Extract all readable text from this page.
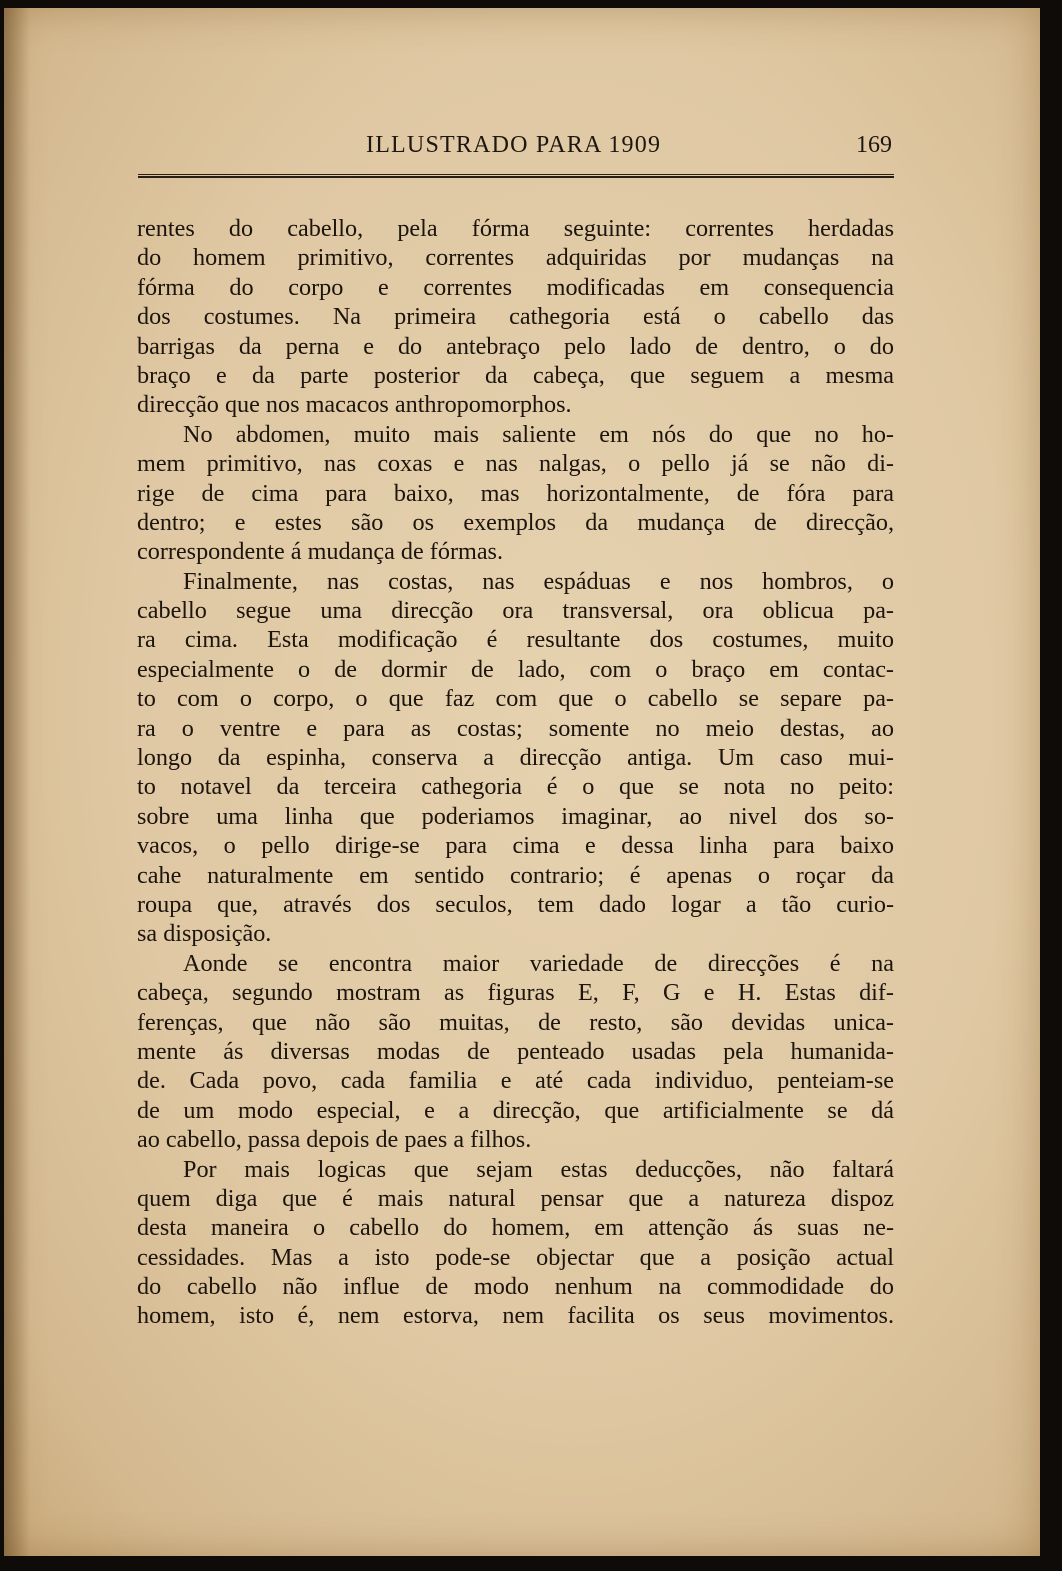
ILLUSTRADO PARA 1909	169
rentes do cabello, pela fórma seguinte: correntes herdadas
do homem primitivo, correntes adquiridas por mudanças na
fórma do corpo e correntes modificadas em consequencia
dos costumes. Na primeira cathegoria está o cabello das
barrigas da perna e do antebraço pelo lado de dentro, o do
braço e da parte posterior da cabeça, que seguem a mesma
direcção que nos macacos anthropomorphos.
No abdomen, muito mais saliente em nós do que no ho-
mem primitivo, nas coxas e nas nalgas, o pello já se não di-
rige de cima para baixo, mas horizontalmente, de fóra para
dentro; e estes são os exemplos da mudança de direcção,
correspondente á mudança de fórmas.
Finalmente, nas costas, nas espáduas e nos hombros, o
cabello segue uma direcção ora transversal, ora oblicua pa-
ra cima. Esta modificação é resultante dos costumes, muito
especialmente o de dormir de lado, com o braço em contac-
to com o corpo, o que faz com que o cabello se separe pa-
ra o ventre e para as costas; somente no meio destas, ao
longo da espinha, conserva a direcção antiga. Um caso mui-
to notavel da terceira cathegoria é o que se nota no peito:
sobre uma linha que poderiamos imaginar, ao nivel dos so-
vacos, o pello dirige-se para cima e dessa linha para baixo
cahe naturalmente em sentido contrario; é apenas o roçar da
roupa que, através dos seculos, tem dado logar a tão curio-
sa disposição.
Aonde se encontra maior variedade de direcções é na
cabeça, segundo mostram as figuras E, F, G e H. Estas dif-
ferenças, que não são muitas, de resto, são devidas unica-
mente ás diversas modas de penteado usadas pela humanida-
de. Cada povo, cada familia e até cada individuo, penteiam-se
de um modo especial, e a direcção, que artificialmente se dá
ao cabello, passa depois de paes a filhos.
Por mais logicas que sejam estas deducções, não faltará
quem diga que é mais natural pensar que a natureza dispoz
desta maneira o cabello do homem, em attenção ás suas ne-
cessidades. Mas a isto pode-se objectar que a posição actual
do cabello não influe de modo nenhum na commodidade do
homem, isto é, nem estorva, nem facilita os seus movimentos.
